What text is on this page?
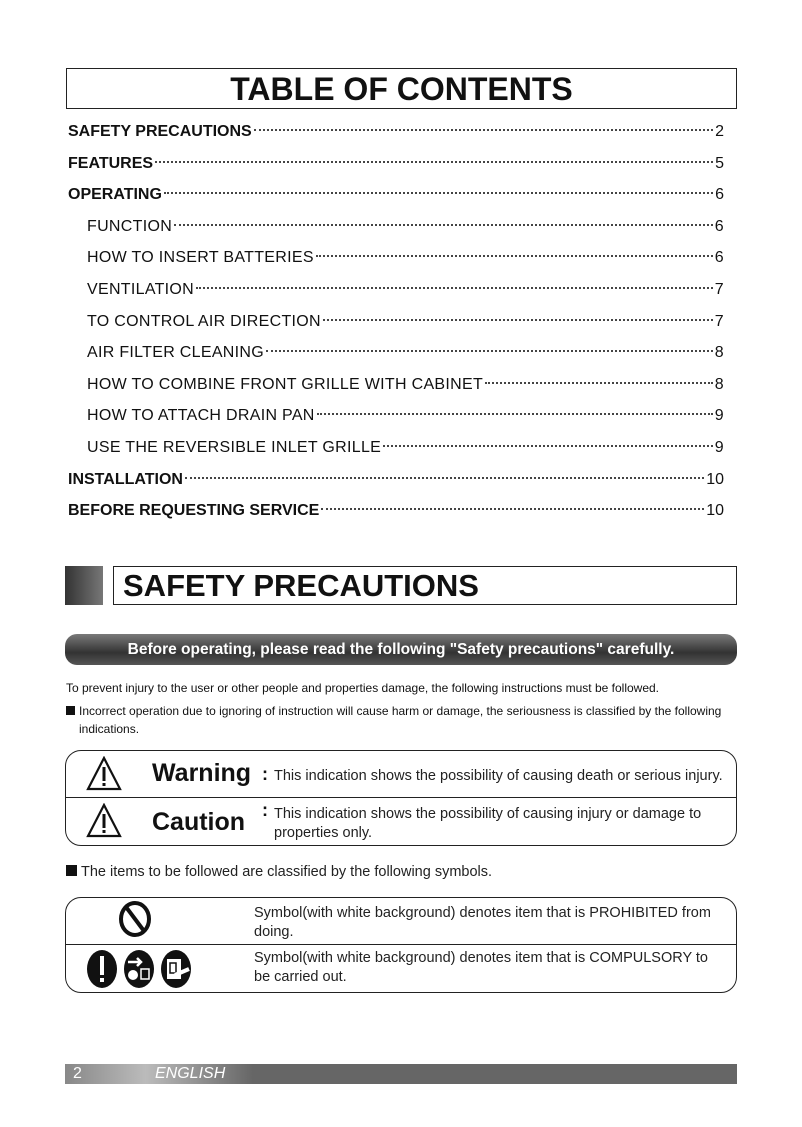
TABLE OF CONTENTS
SAFETY PRECAUTIONS	2
FEATURES	5
OPERATING	6
FUNCTION	6
HOW TO INSERT BATTERIES	6
VENTILATION	7
TO CONTROL AIR DIRECTION	7
AIR FILTER CLEANING	8
HOW TO COMBINE FRONT GRILLE WITH CABINET	8
HOW TO ATTACH DRAIN PAN	9
USE THE REVERSIBLE INLET GRILLE	9
INSTALLATION	10
BEFORE REQUESTING SERVICE	10
SAFETY PRECAUTIONS
Before operating, please read the following "Safety precautions" carefully.
To prevent injury to the user or other people and properties damage, the following instructions must be followed.
Incorrect operation due to ignoring of instruction will cause harm or damage, the seriousness is classified by the following indications.
Warning : This indication shows the possibility of causing death or serious injury.
Caution : This indication shows the possibility of causing injury or damage to properties only.
The items to be followed are classified by the following symbols.
Symbol(with white background) denotes item that is PROHIBITED from doing.
Symbol(with white background) denotes item that is COMPULSORY to be carried out.
2	ENGLISH
